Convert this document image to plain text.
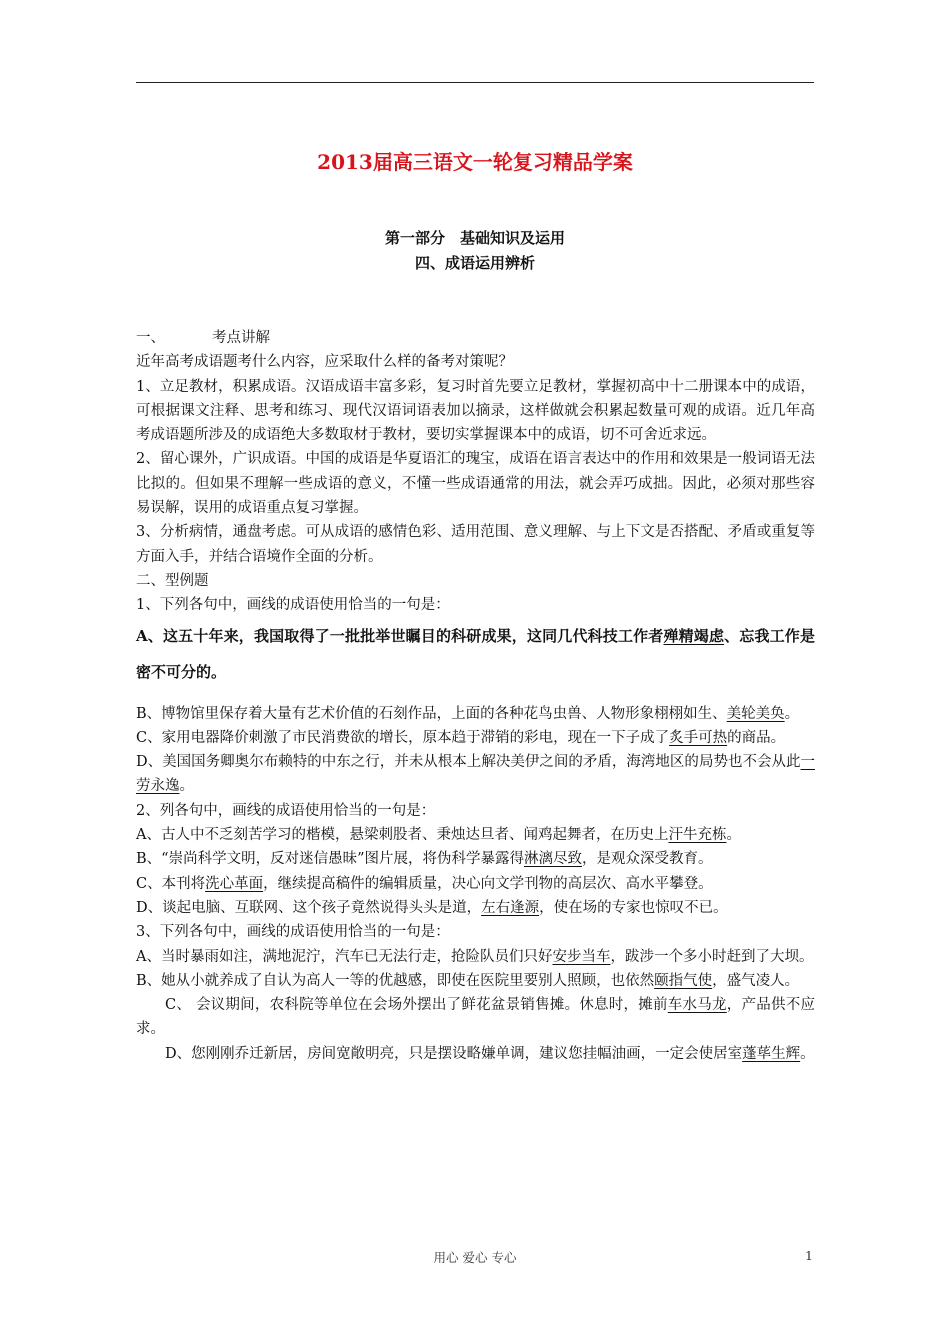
2013届高三语文一轮复习精品学案
第一部分　基础知识及运用
四、成语运用辨析

一、	考点讲解

近年高考成语题考什么内容，应采取什么样的备考对策呢？

1、立足教材，积累成语。汉语成语丰富多彩，复习时首先要立足教材，掌握初高中十二册课本中的成语，可根据课文注释、思考和练习、现代汉语词语表加以摘录，这样做就会积累起数量可观的成语。近几年高考成语题所涉及的成语绝大多数取材于教材，要切实掌握课本中的成语，切不可舍近求远。

2、留心课外，广识成语。中国的成语是华夏语汇的瑰宝，成语在语言表达中的作用和效果是一般词语无法比拟的。但如果不理解一些成语的意义，不懂一些成语通常的用法，就会弄巧成拙。因此，必须对那些容易误解，误用的成语重点复习掌握。

3、分析病情，通盘考虑。可从成语的感情色彩、适用范围、意义理解、与上下文是否搭配、矛盾或重复等方面入手，并结合语境作全面的分析。

二、型例题

1、下列各句中，画线的成语使用恰当的一句是：

A、这五十年来，我国取得了一批批举世瞩目的科研成果，这同几代科技工作者殚精竭虑、忘我工作是密不可分的。

B、博物馆里保存着大量有艺术价值的石刻作品，上面的各种花鸟虫兽、人物形象栩栩如生、美轮美奂。

C、家用电器降价刺激了市民消费欲的增长，原本趋于滞销的彩电，现在一下子成了炙手可热的商品。

D、美国国务卿奥尔布赖特的中东之行，并未从根本上解决美伊之间的矛盾，海湾地区的局势也不会从此一劳永逸。

2、列各句中，画线的成语使用恰当的一句是：

A、古人中不乏刻苦学习的楷模，悬梁刺股者、秉烛达旦者、闻鸡起舞者，在历史上汗牛充栋。

B、“崇尚科学文明，反对迷信愚昧”图片展，将伪科学暴露得淋漓尽致，是观众深受教育。

C、本刊将洗心革面，继续提高稿件的编辑质量，决心向文学刊物的高层次、高水平攀登。

D、谈起电脑、互联网、这个孩子竟然说得头头是道，左右逢源，使在场的专家也惊叹不已。

3、下列各句中，画线的成语使用恰当的一句是：

A、当时暴雨如注，满地泥泞，汽车已无法行走，抢险队员们只好安步当车，跋涉一个多小时赶到了大坝。

B、她从小就养成了自认为高人一等的优越感，即使在医院里要别人照顾，也依然颐指气使，盛气凌人。

C、 会议期间，农科院等单位在会场外摆出了鲜花盆景销售摊。休息时，摊前车水马龙，产品供不应求。

D、您刚刚乔迁新居，房间宽敞明亮，只是摆设略嫌单调，建议您挂幅油画，一定会使居室蓬荜生辉。

用心 爱心 专心	1
